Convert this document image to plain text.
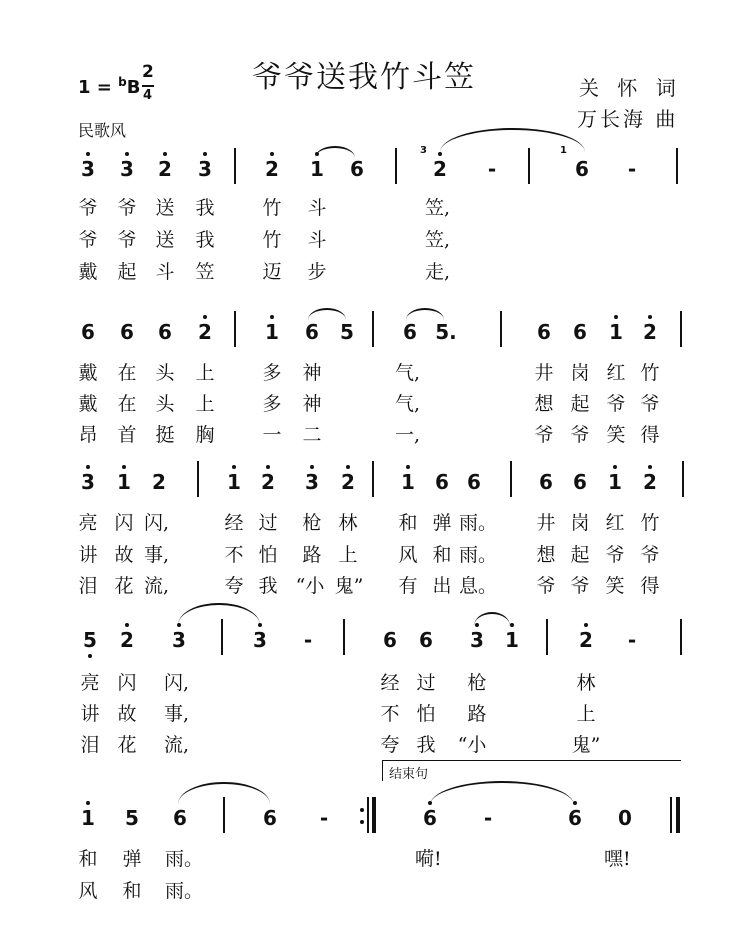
1 = $^b$B
2
4
爷爷送我竹斗笠	关 怀 词
万长海 曲
民歌风
3 3 2 3	2 1 6
3
2	-
1
6	-
爷 爷 送 我	竹 斗	笠,
爷 爷 送 我	竹 斗	笠,
戴 起 斗 笠	迈 步	走,
6 6 6 2	1 6 5 6 5.	6 6 1 2
戴 在 头 上	多 神	气,	井 岗 红 竹
戴 在 头 上	多 神	气,	想 起 爷 爷
昂 首 挺 胸	一 二	一,	爷 爷 笑 得
3 1 2	1 2 3 2 1 6 6	6 6 1 2
亮 闪 闪,	经 过 枪 林 和 弹 雨。 井 岗 红 竹
讲 故 事,	不 怕 路 上 风 和 雨。 想 起 爷 爷
泪 花 流,	夸 我 “小 鬼” 有 出 息。 爷 爷 笑 得
5 2 3	3	-	6 6 3 1	2	-
亮 闪 闪,	经 过 枪	林
讲 故 事,	不 怕 路	上
泪 花 流,	夸 我 “小	鬼”
结束句
1 5 6	6	-	6	-	6 0
和 弹 雨。	嗬!	嘿!
风 和 雨。
